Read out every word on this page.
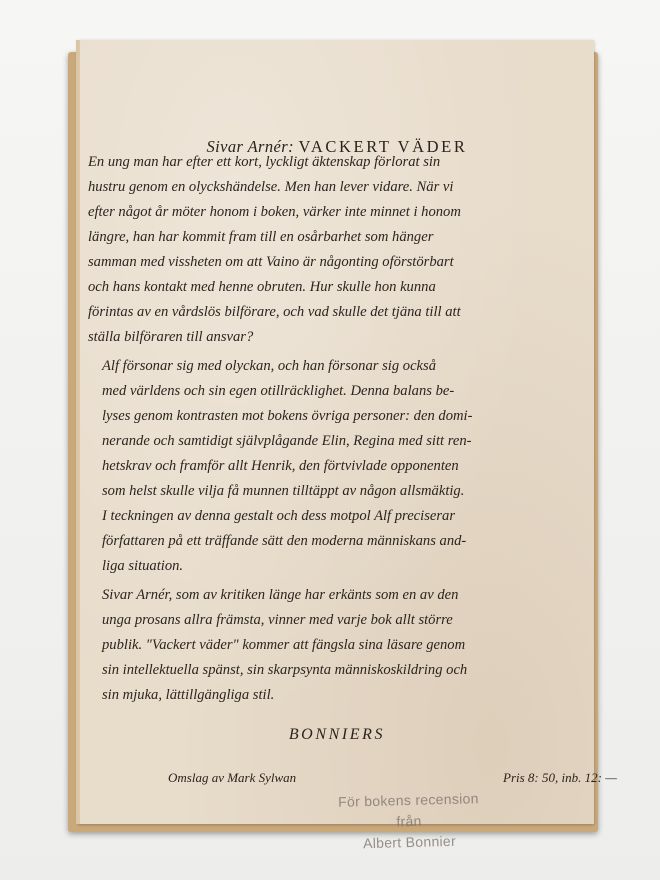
Sivar Arnér: VACKERT VÄDER
BONNIERS
Omslag av Mark Sylwan	Pris 8: 50, inb. 12: —
För bokens recension från
Albert Bonnier

En ung man har efter ett kort, lyckligt äktenskap förlorat sin
hustru genom en olyckshändelse. Men han lever vidare. När vi
efter något år möter honom i boken, värker inte minnet i honom
längre, han har kommit fram till en osårbarhet som hänger
samman med vissheten om att Vaino är någonting oförstörbart
och hans kontakt med henne obruten. Hur skulle hon kunna
förintas av en vårdslös bilförare, och vad skulle det tjäna till att
ställa bilföraren till ansvar?

Alf försonar sig med olyckan, och han försonar sig också
med världens och sin egen otillräcklighet. Denna balans be-
lyses genom kontrasten mot bokens övriga personer: den domi-
nerande och samtidigt självplågande Elin, Regina med sitt ren-
hetskrav och framför allt Henrik, den förtvivlade opponenten
som helst skulle vilja få munnen tilltäppt av någon allsmäktig.
I teckningen av denna gestalt och dess motpol Alf preciserar
författaren på ett träffande sätt den moderna människans and-
liga situation.

Sivar Arnér, som av kritiken länge har erkänts som en av den
unga prosans allra främsta, vinner med varje bok allt större
publik. "Vackert väder" kommer att fängsla sina läsare genom
sin intellektuella spänst, sin skarpsynta människoskildring och
sin mjuka, lättillgängliga stil.
